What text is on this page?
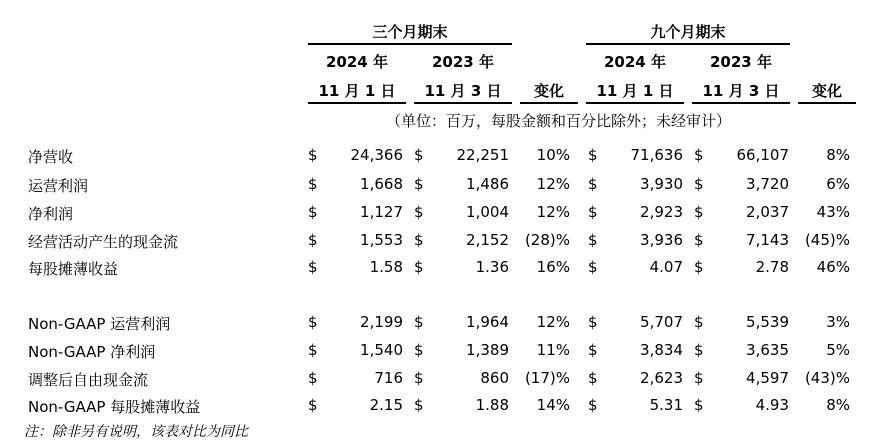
三个月期末	九个月期末
2024 年	2023 年	2024 年	2023 年
11 月 1 日	11 月 3 日	变化	11 月 1 日	11 月 3 日	变化
（单位：百万，每股金额和百分比除外；未经审计）
净营收	$ 24,366 $ 22,251 10% $ 71,636 $ 66,107 8%
运营利润	$	1,668 $	1,486 12% $	3,930 $	3,720 6%
净利润	$	1,127 $	1,004 12% $	2,923 $	2,037 43%
经营活动产生的现金流	$	1,553 $	2,152 (28)% $	3,936 $	7,143 (45)%
每股摊薄收益	$	1.58 $	1.36 16% $	4.07 $	2.78 46%
Non-GAAP 运营利润	$	2,199 $	1,964 12% $	5,707 $	5,539 3%
Non-GAAP 净利润	$	1,540 $	1,389 11% $	3,834 $	3,635 5%
调整后自由现金流	$	716 $	860 (17)% $	2,623 $	4,597 (43)%
Non-GAAP 每股摊薄收益	$	2.15 $	1.88 14% $	5.31 $	4.93 8%
注：除非另有说明，该表对比为同比
